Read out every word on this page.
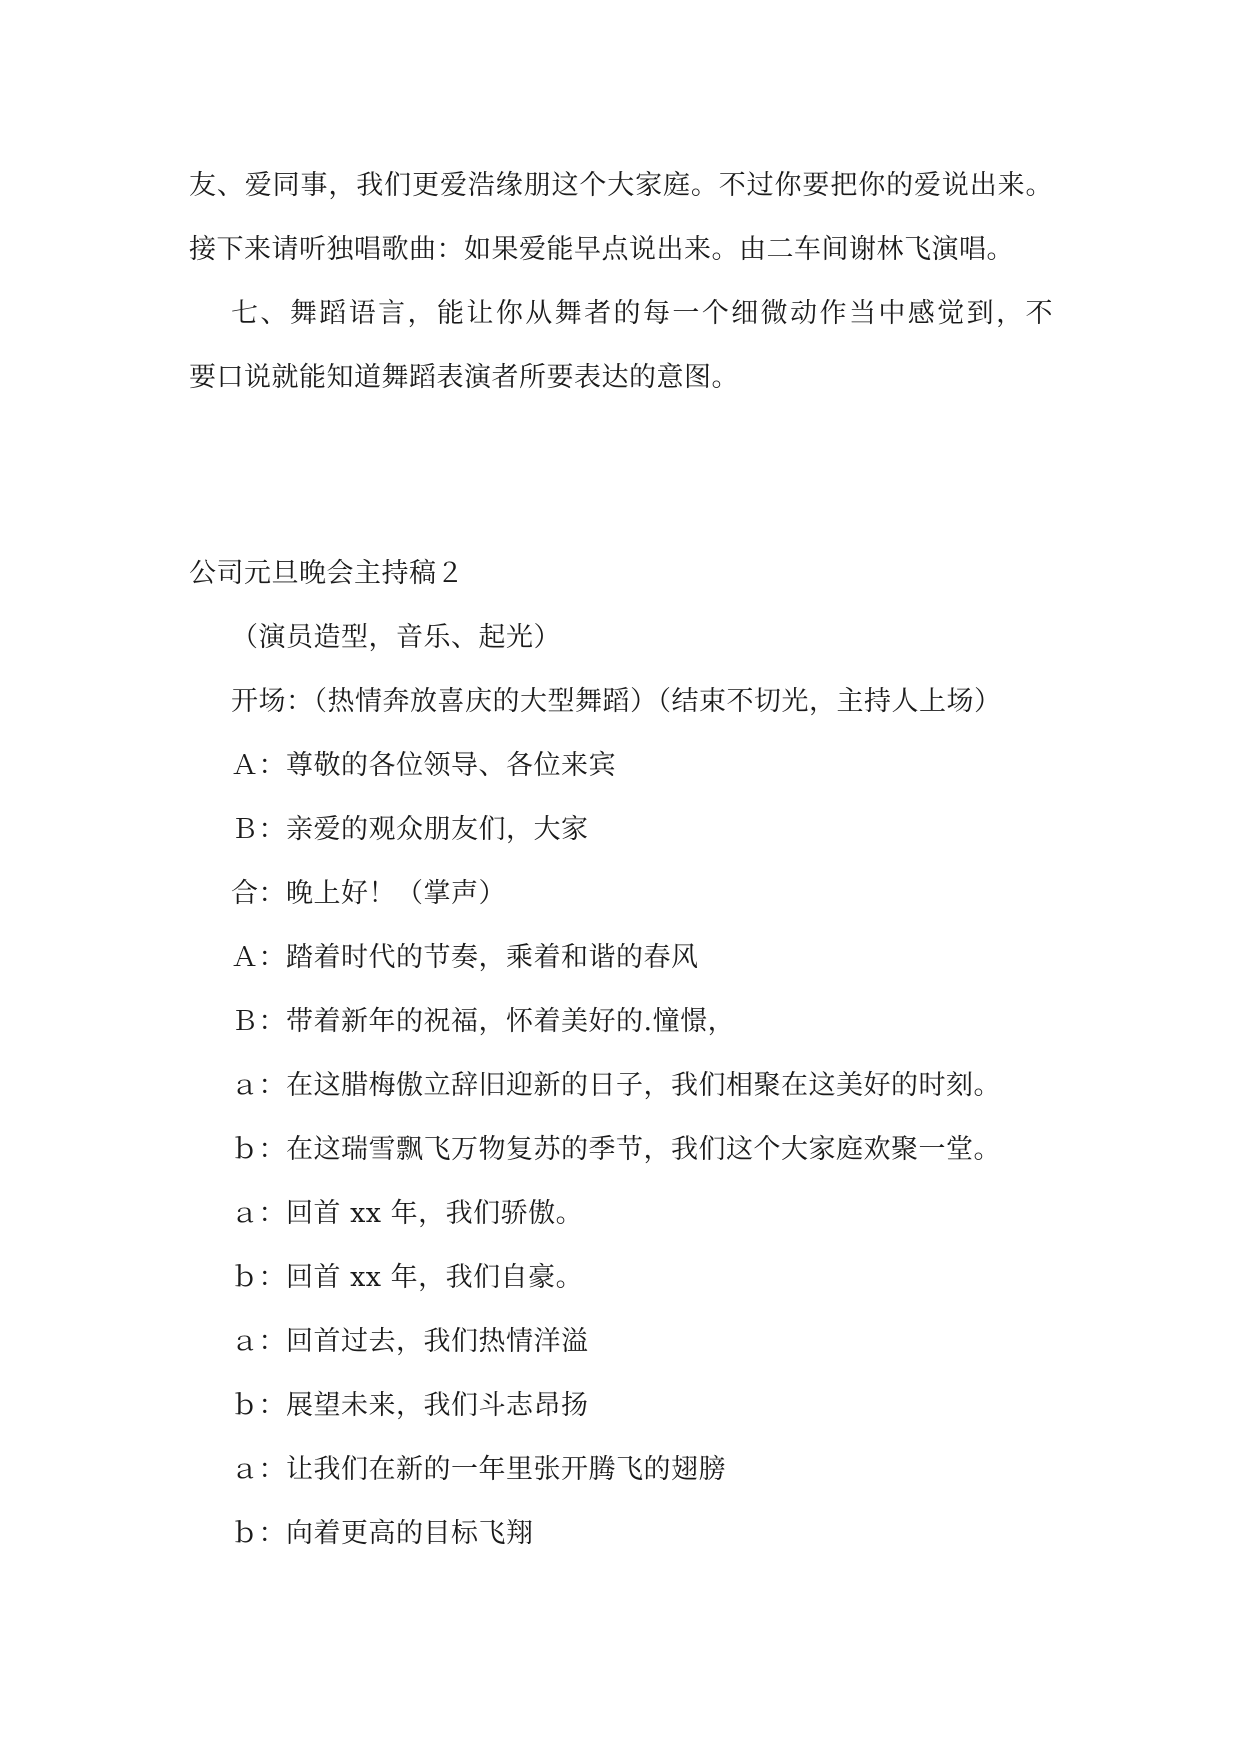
友、爱同事，我们更爱浩缘朋这个大家庭。不过你要把你的爱说出来。
接下来请听独唱歌曲：如果爱能早点说出来。由二车间谢林飞演唱。
七、舞蹈语言，能让你从舞者的每一个细微动作当中感觉到，不
要口说就能知道舞蹈表演者所要表达的意图。
公司元旦晚会主持稿２
（演员造型，音乐、起光）
开场：（热情奔放喜庆的大型舞蹈）（结束不切光，主持人上场）
Ａ：尊敬的各位领导、各位来宾
Ｂ：亲爱的观众朋友们，大家
合：晚上好！（掌声）
Ａ：踏着时代的节奏，乘着和谐的春风
Ｂ：带着新年的祝福，怀着美好的.憧憬，
ａ：在这腊梅傲立辞旧迎新的日子，我们相聚在这美好的时刻。
ｂ：在这瑞雪飘飞万物复苏的季节，我们这个大家庭欢聚一堂。
ａ：回首 xx 年，我们骄傲。
ｂ：回首 xx 年，我们自豪。
ａ：回首过去，我们热情洋溢
ｂ：展望未来，我们斗志昂扬
ａ：让我们在新的一年里张开腾飞的翅膀
ｂ：向着更高的目标飞翔
